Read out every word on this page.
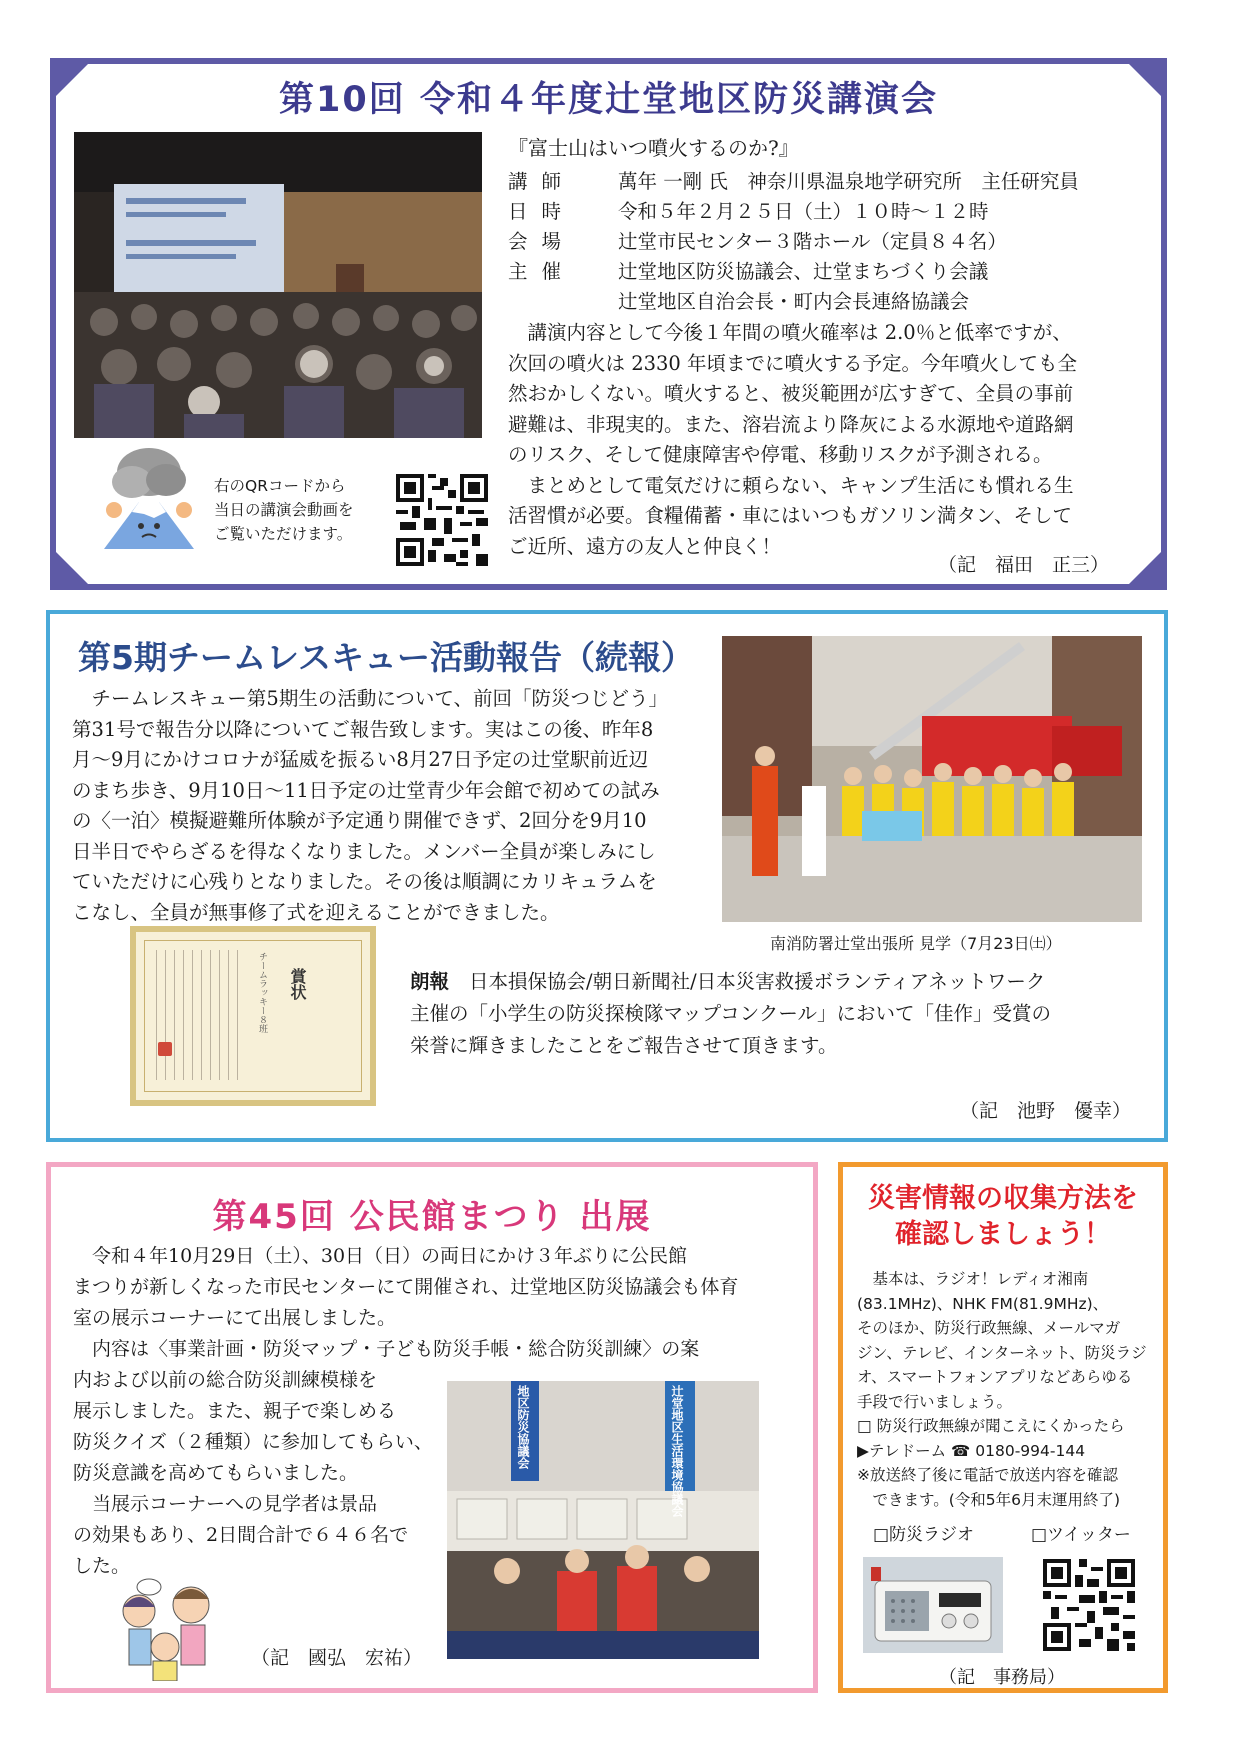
第10回 令和４年度辻堂地区防災講演会
右のQRコードから
当日の講演会動画を
ご覧いただけます。
『富士山はいつ噴火するのか?』
講師 萬年 一剛 氏　神奈川県温泉地学研究所　主任研究員
日時 令和５年２月２５日（土）１０時～１２時
会場 辻堂市民センター３階ホール（定員８４名）
主催 辻堂地区防災協議会、辻堂まちづくり会議
辻堂地区自治会長・町内会長連絡協議会
　講演内容として今後１年間の噴火確率は 2.0％と低率ですが、
次回の噴火は 2330 年頃までに噴火する予定。今年噴火しても全
然おかしくない。噴火すると、被災範囲が広すぎて、全員の事前
避難は、非現実的。また、溶岩流より降灰による水源地や道路網
のリスク、そして健康障害や停電、移動リスクが予測される。
　まとめとして電気だけに頼らない、キャンプ生活にも慣れる生
活習慣が必要。食糧備蓄・車にはいつもガソリン満タン、そして
ご近所、遠方の友人と仲良く！
（記　福田　正三）
第5期チームレスキュー活動報告（続報）
　チームレスキュー第5期生の活動について、前回「防災つじどう」
第31号で報告分以降についてご報告致します。実はこの後、昨年8
月～9月にかけコロナが猛威を振るい8月27日予定の辻堂駅前近辺
のまち歩き、9月10日～11日予定の辻堂青少年会館で初めての試み
の〈一泊〉模擬避難所体験が予定通り開催できず、2回分を9月10
日半日でやらざるを得なくなりました。メンバー全員が楽しみにし
ていただけに心残りとなりました。その後は順調にカリキュラムを
こなし、全員が無事修了式を迎えることができました。
南消防署辻堂出張所 見学（7月23日㈯）
賞状
チームラッキー８班	朗報 日本損保協会/朝日新聞社/日本災害救援ボランティアネットワーク
主催の「小学生の防災探検隊マップコンクール」において「佳作」受賞の
栄誉に輝きましたことをご報告させて頂きます。
（記　池野　優幸）
第45回 公民館まつり 出展
　令和４年10月29日（土）、30日（日）の両日にかけ３年ぶりに公民館
まつりが新しくなった市民センターにて開催され、辻堂地区防災協議会も体育
室の展示コーナーにて出展しました。
　内容は〈事業計画・防災マップ・子ども防災手帳・総合防災訓練〉の案
内および以前の総合防災訓練模様を
展示しました。また、親子で楽しめる
防災クイズ（２種類）に参加してもらい、
防災意識を高めてもらいました。
　当展示コーナーへの見学者は景品
の効果もあり、2日間合計で６４６名で
した。
地区防災協議会	辻堂地区生活環境協議会
（記　國弘　宏祐）
災害情報の収集方法を
確認しましょう！
　基本は、ラジオ！レディオ湘南
(83.1MHz)、NHK FM(81.9MHz)、
そのほか、防災行政無線、メールマガ
ジン、テレビ、インターネット、防災ラジ
オ、スマートフォンアプリなどあらゆる
手段で行いましょう。
□ 防災行政無線が聞こえにくかったら
▶テレドーム ☎ 0180-994-144
※放送終了後に電話で放送内容を確認
　できます。(令和5年6月末運用終了)
□防災ラジオ	□ツイッター
（記　事務局）
